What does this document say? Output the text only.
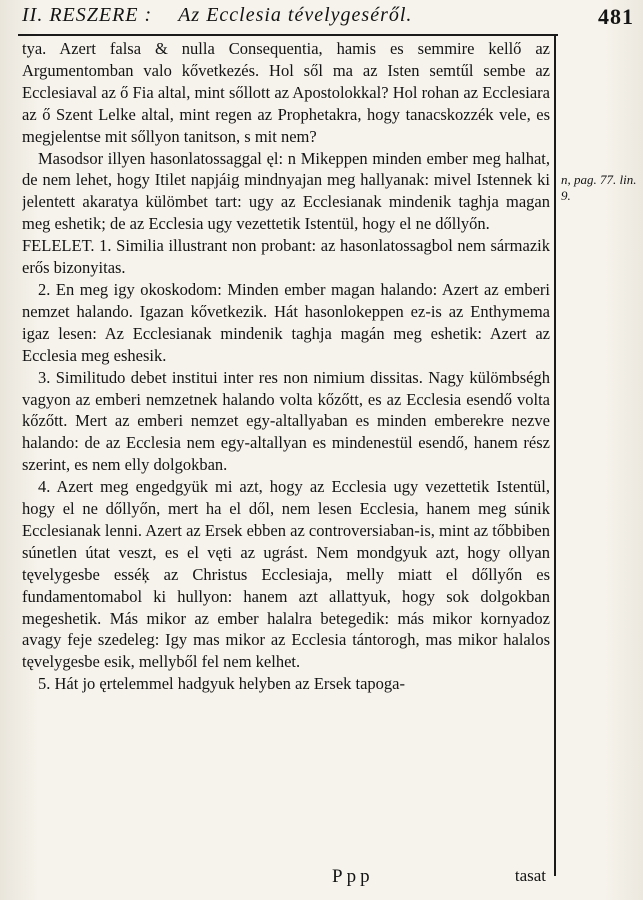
II. RESZERE : Az Ecclesia tévelygeséről.	481

tya. Azert falsa & nulla Consequentia, hamis es semmire kellő az Argumentomban valo kővetkezés. Hol sől ma az Isten semtűl sembe az Ecclesiaval az ő Fia altal, mint sőllott az Apostolokkal? Hol rohan az Ecclesiara az ő Szent Lelke altal, mint regen az Prophetakra, hogy tanacskozzék vele, es megjelentse mit sőllyon tanitson, s mit nem?

Masodsor illyen hasonlatossaggal ęl: n Mikeppen minden ember meg halhat, de nem lehet, hogy Itilet napjáig mindnyajan meg hallyanak: mivel Istennek ki jelentett akaratya külömbet tart: ugy az Ecclesianak mindenik taghja magan meg eshetik; de az Ecclesia ugy vezettetik Istentül, hogy el ne dőllyőn.

FELELET. 1. Similia illustrant non probant: az hasonlatossagbol nem sármazik erős bizonyitas.

2. En meg igy okoskodom: Minden ember magan halando: Azert az emberi nemzet halando. Igazan kővetkezik. Hát hasonlokeppen ez-is az Enthymema igaz lesen: Az Ecclesianak mindenik taghja magán meg eshetik: Azert az Ecclesia meg eshesik.

3. Similitudo debet institui inter res non nimium dissitas. Nagy külömbségh vagyon az emberi nemzetnek halando volta kőzőtt, es az Ecclesia esendő volta kőzőtt. Mert az emberi nemzet egy-altallyaban es minden emberekre nezve halando: de az Ecclesia nem egy-altallyan es mindenestül esendő, hanem rész szerint, es nem elly dolgokban.

4. Azert meg engedgyük mi azt, hogy az Ecclesia ugy vezettetik Istentül, hogy el ne dőllyőn, mert ha el dől, nem lesen Ecclesia, hanem meg súnik Ecclesianak lenni. Azert az Ersek ebben az controversiaban-is, mint az tőbbiben súnetlen útat veszt, es el vęti az ugrást. Nem mondgyuk azt, hogy ollyan tęvelygesbe esséķ az Christus Ecclesiaja, melly miatt el dőllyőn es fundamentomabol ki hullyon: hanem azt allattyuk, hogy sok dolgokban megeshetik. Más mikor az ember halalra betegedik: más mikor kornyadoz avagy feje szedeleg: Igy mas mikor az Ecclesia tántorogh, mas mikor halalos tęvelygesbe esik, mellyből fel nem kelhet.

5. Hát jo ęrtelemmel hadgyuk helyben az Ersek tapoga-

n, pag. 77. lin. 9.
Ppp	tasat
